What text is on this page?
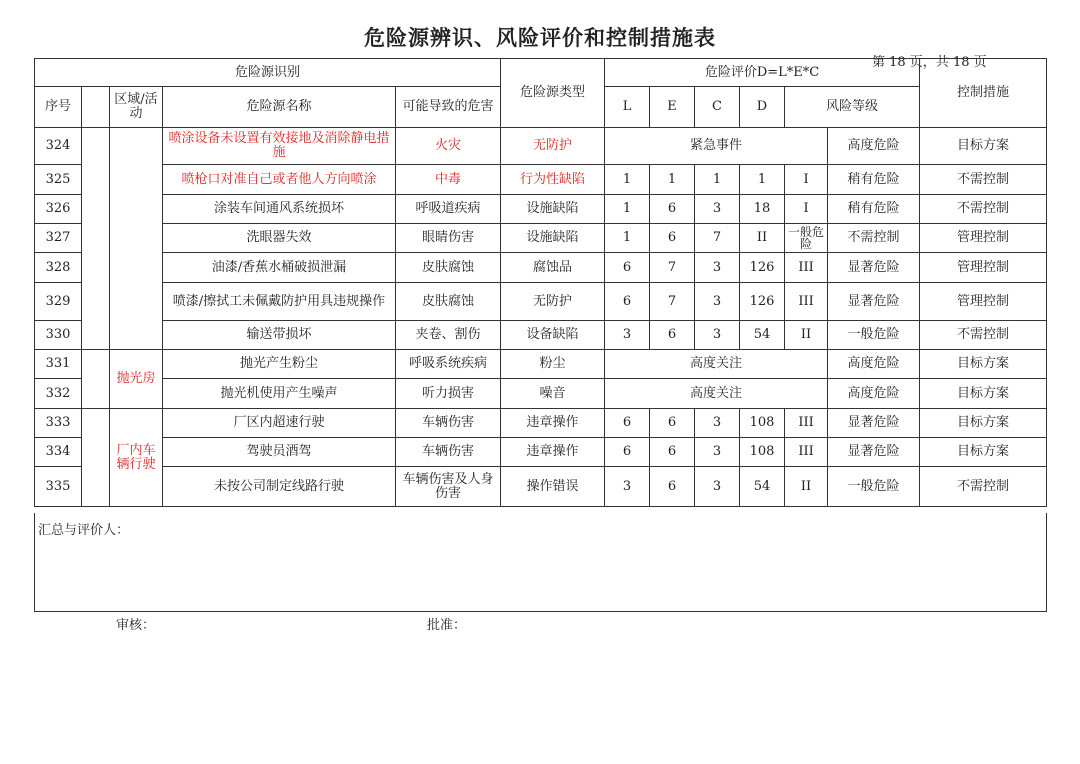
危险源辨识、风险评价和控制措施表
第 18 页，共 18 页
危险源识别					危险源类型	危险评价D=L*E*C						控制措施
序号		区域/活动	危险源名称	可能导致的危害		L	E	C	D	风险等级		
324			喷涂设备未设置有效接地及消除静电措施	火灾	无防护	紧急事件					高度危险	目标方案
325			喷枪口对准自己或者他人方向喷涂	中毒	行为性缺陷	1	1	1	1	I	稍有危险	不需控制
326			涂装车间通风系统损坏	呼吸道疾病	设施缺陷	1	6	3	18	I	稍有危险	不需控制
327			洗眼器失效	眼睛伤害	设施缺陷	1	6	7	II	一般危险	不需控制	管理控制
328			油漆/香蕉水桶破损泄漏	皮肤腐蚀	腐蚀品	6	7	3	126	III	显著危险	管理控制
329			喷漆/擦拭工未佩戴防护用具违规操作	皮肤腐蚀	无防护	6	7	3	126	III	显著危险	管理控制
330			输送带损坏	夹卷、割伤	设备缺陷	3	6	3	54	II	一般危险	不需控制
331		抛光房	抛光产生粉尘	呼吸系统疾病	粉尘	高度关注					高度危险	目标方案
332			抛光机使用产生噪声	听力损害	噪音	高度关注					高度危险	目标方案
333		厂内车辆行驶	厂区内超速行驶	车辆伤害	违章操作	6	6	3	108	III	显著危险	目标方案
334			驾驶员酒驾	车辆伤害	违章操作	6	6	3	108	III	显著危险	目标方案
335			未按公司制定线路行驶	车辆伤害及人身伤害	操作错误	3	6	3	54	II	一般危险	不需控制
汇总与评价人：
审核：	批准：
